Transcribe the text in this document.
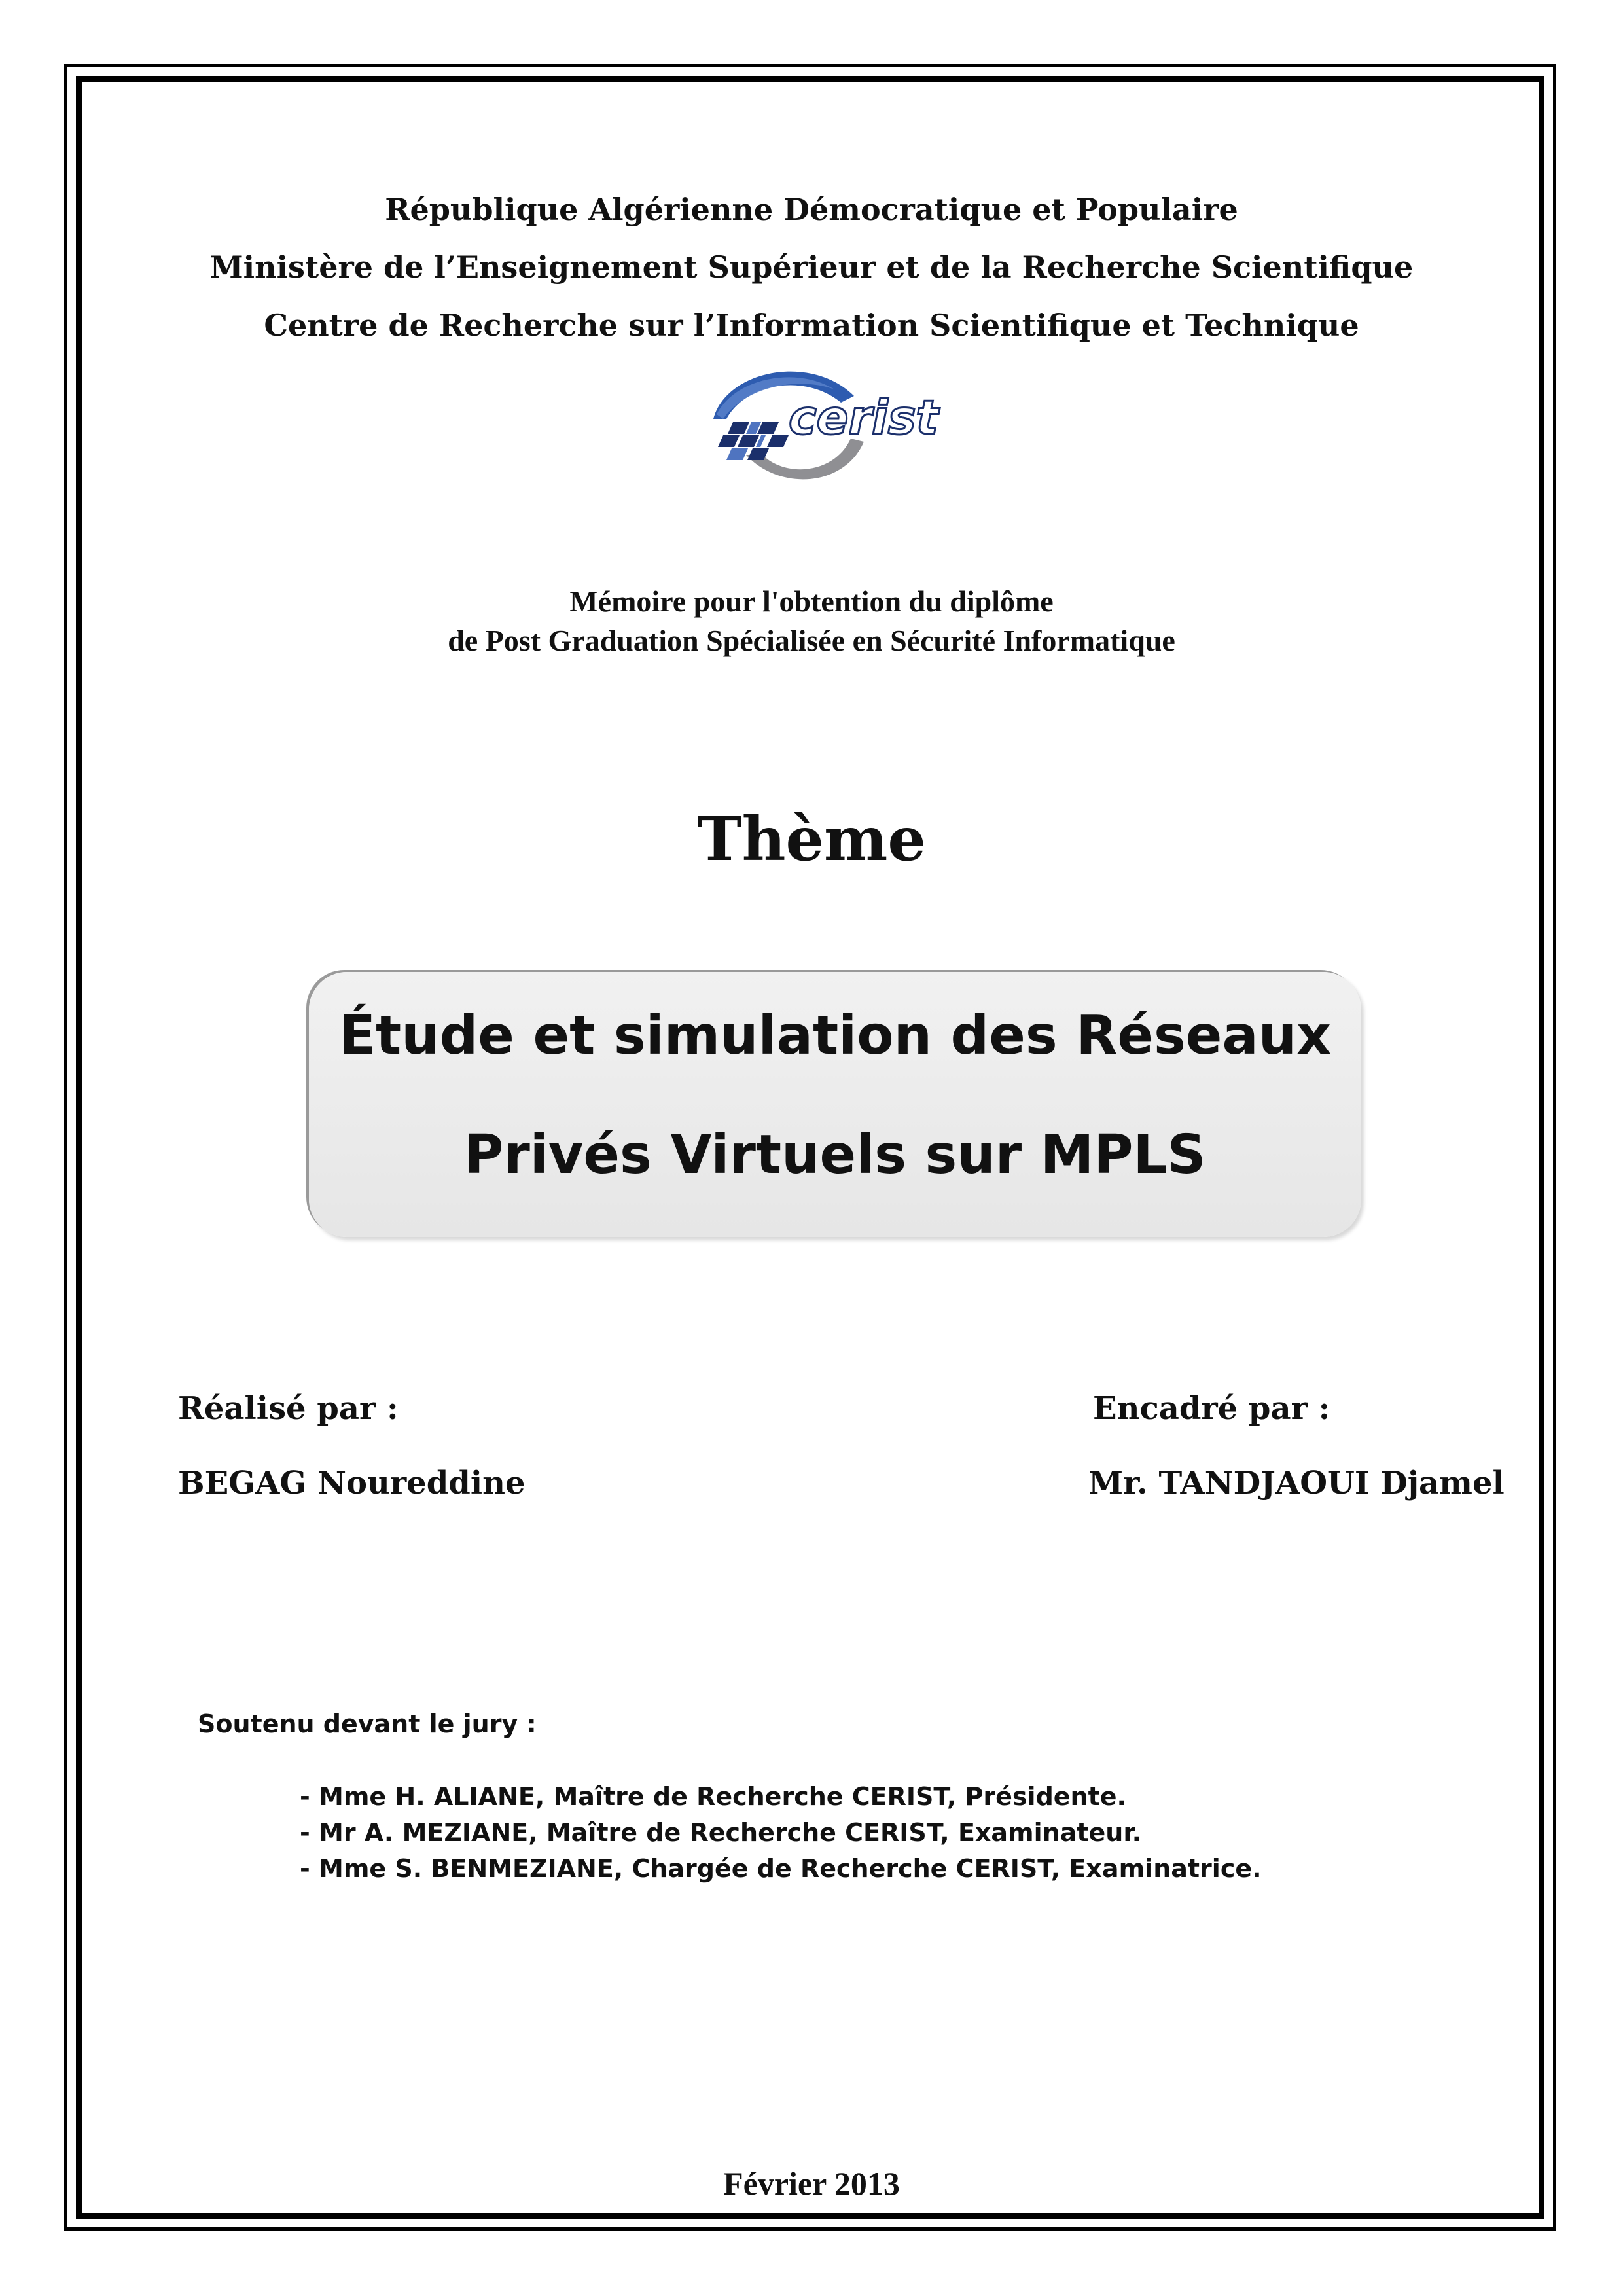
République Algérienne Démocratique et Populaire
Ministère de l’Enseignement Supérieur et de la Recherche Scientifique
Centre de Recherche sur l’Information Scientifique et Technique
cerist
Mémoire pour l'obtention du diplôme
de Post Graduation Spécialisée en Sécurité Informatique
Thème
Étude et simulation des Réseaux
Privés Virtuels sur MPLS
Réalisé par :
BEGAG Noureddine
Encadré par :
Mr. TANDJAOUI Djamel
Soutenu devant le jury :
- Mme H. ALIANE, Maître de Recherche CERIST, Présidente.
- Mr A. MEZIANE, Maître de Recherche CERIST, Examinateur.
- Mme S. BENMEZIANE, Chargée de Recherche CERIST, Examinatrice.
Février 2013
